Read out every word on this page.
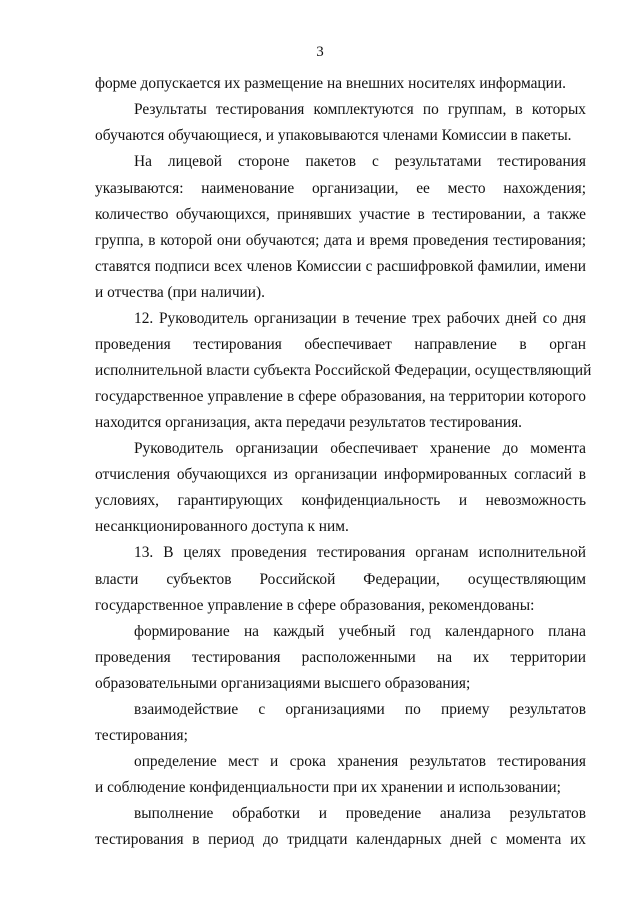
3
форме допускается их размещение на внешних носителях информации.
Результаты тестирования комплектуются по группам, в которых
обучаются обучающиеся, и упаковываются членами Комиссии в пакеты.
На лицевой стороне пакетов с результатами тестирования
указываются: наименование организации, ее место нахождения;
количество обучающихся, принявших участие в тестировании, а также
группа, в которой они обучаются; дата и время проведения тестирования;
ставятся подписи всех членов Комиссии с расшифровкой фамилии, имени
и отчества (при наличии).
12. Руководитель организации в течение трех рабочих дней со дня
проведения тестирования обеспечивает направление в орган
исполнительной власти субъекта Российской Федерации, осуществляющий
государственное управление в сфере образования, на территории которого
находится организация, акта передачи результатов тестирования.
Руководитель организации обеспечивает хранение до момента
отчисления обучающихся из организации информированных согласий в
условиях, гарантирующих конфиденциальность и невозможность
несанкционированного доступа к ним.
13. В целях проведения тестирования органам исполнительной
власти субъектов Российской Федерации, осуществляющим
государственное управление в сфере образования, рекомендованы:
формирование на каждый учебный год календарного плана
проведения тестирования расположенными на их территории
образовательными организациями высшего образования;
взаимодействие с организациями по приему результатов
тестирования;
определение мест и срока хранения результатов тестирования
и соблюдение конфиденциальности при их хранении и использовании;
выполнение обработки и проведение анализа результатов
тестирования в период до тридцати календарных дней с момента их
